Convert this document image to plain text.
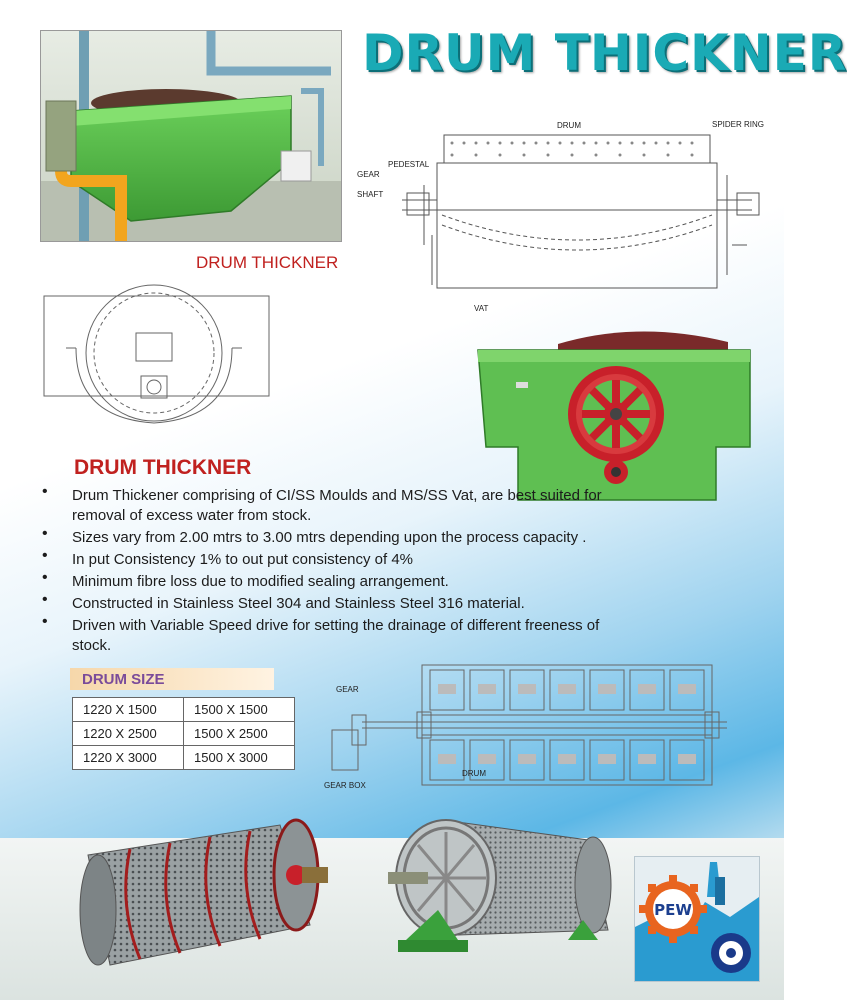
DRUM THICKNER
DRUM THICKNER
DRUM	SPIDER RING
PEDESTAL
GEAR
SHAFT
VAT
DRUM THICKNER
• Drum Thickener comprising of CI/SS Moulds and MS/SS Vat, are best suited for removal of excess water from stock.
• Sizes vary from 2.00 mtrs to 3.00 mtrs depending upon the process capacity .
• In put Consistency 1% to out put consistency of 4%
• Minimum fibre loss due to modified sealing arrangement.
• Constructed in Stainless Steel 304 and Stainless Steel 316 material.
• Driven with Variable Speed drive for setting the drainage of different freeness of stock.
DRUM SIZE
1220 X 1500	1500 X 1500
1220 X 2500	1500 X 2500
1220 X 3000	1500 X 3000
GEAR
DRUM
GEAR BOX
PEW
